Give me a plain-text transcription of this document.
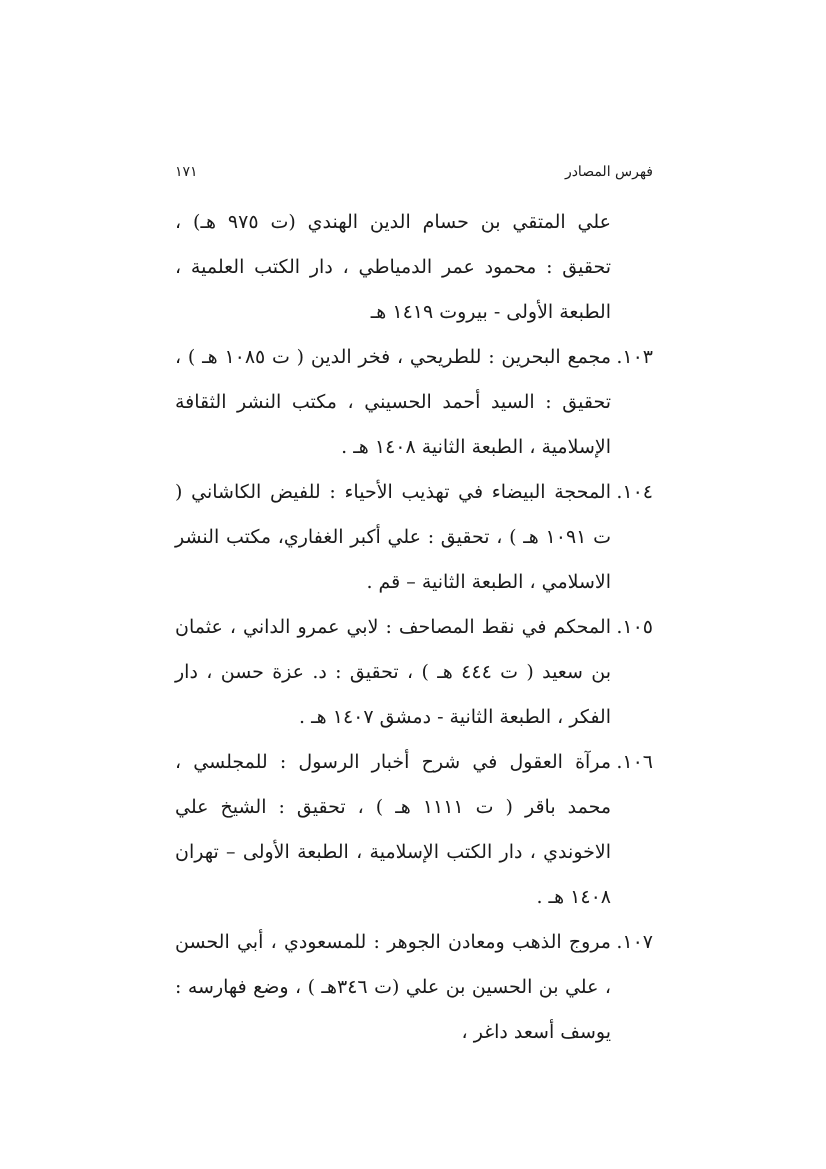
١٧١	فهرس المصادر
علي المتقي بن حسام الدين الهندي (ت ٩٧٥ هـ) ، تحقيق : محمود عمر الدمياطي ، دار الكتب العلمية ، الطبعة الأولى - بيروت ١٤١٩ هـ
١٠٣.
مجمع البحرين : للطريحي ، فخر الدين ( ت ١٠٨٥ هـ ) ، تحقيق : السيد أحمد الحسيني ، مكتب النشر الثقافة الإسلامية ، الطبعة الثانية ١٤٠٨ هـ .
١٠٤.
المحجة البيضاء في تهذيب الأحياء : للفيض الكاشاني ( ت ١٠٩١ هـ ) ، تحقيق : علي أكبر الغفاري، مكتب النشر الاسلامي ، الطبعة الثانية – قم .
١٠٥.
المحكم في نقط المصاحف : لابي عمرو الداني ، عثمان بن سعيد ( ت ٤٤٤ هـ ) ، تحقيق : د. عزة حسن ، دار الفكر ، الطبعة الثانية - دمشق ١٤٠٧ هـ .
١٠٦.
مرآة العقول في شرح أخبار الرسول : للمجلسي ، محمد باقر ( ت ١١١١ هـ ) ، تحقيق : الشيخ علي الاخوندي ، دار الكتب الإسلامية ، الطبعة الأولى – تهران ١٤٠٨ هـ .
١٠٧.
مروج الذهب ومعادن الجوهر : للمسعودي ، أبي الحسن ، علي بن الحسين بن علي (ت ٣٤٦هـ ) ، وضع فهارسه : يوسف أسعد داغر ،
